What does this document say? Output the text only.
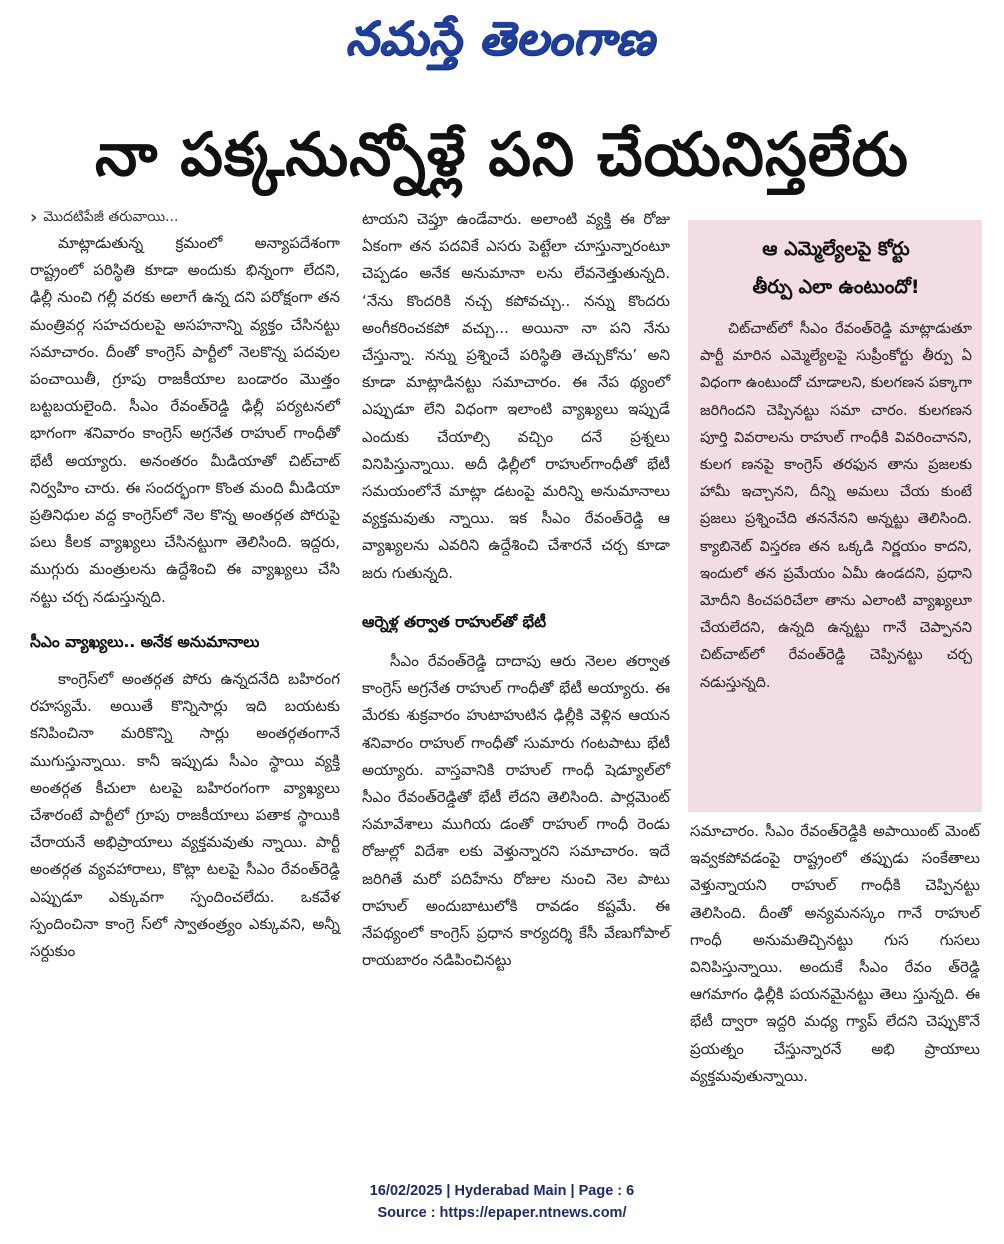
నమస్తే తెలంగాణ
నా పక్కనున్నోళ్లే పని చేయనిస్తలేరు
› మొదటిపేజీ తరువాయి...

మాట్లాడుతున్న క్రమంలో అన్యాపదేశంగా రాష్ట్రంలో పరిస్థితి కూడా అందుకు భిన్నంగా లేదని, ఢిల్లీ నుంచి గల్లీ వరకు అలాగే ఉన్న దని పరోక్షంగా తన మంత్రివర్గ సహచరులపై అసహనాన్ని వ్యక్తం చేసినట్టు సమాచారం. దీంతో కాంగ్రెస్ పార్టీలో నెలకొన్న పదవుల పంచాయితీ, గ్రూపు రాజకీయాల బండారం మొత్తం బట్టబయలైంది. సీఎం రేవంత్‌రెడ్డి ఢిల్లీ పర్యటనలో భాగంగా శనివారం కాంగ్రెస్ అగ్రనేత రాహుల్ గాంధీతో భేటీ అయ్యారు. అనంతరం మీడియాతో చిట్‌చాట్ నిర్వహిం చారు. ఈ సందర్భంగా కొంత మంది మీడియా ప్రతినిధుల వద్ద కాంగ్రెస్‌లో నెల కొన్న అంతర్గత పోరుపై పలు కీలక వ్యాఖ్యలు చేసినట్టుగా తెలిసింది. ఇద్దరు, ముగ్గురు మంత్రులను ఉద్దేశించి ఈ వ్యాఖ్యలు చేసి నట్టు చర్చ నడుస్తున్నది.

సీఎం వ్యాఖ్యలు.. అనేక అనుమానాలు

కాంగ్రెస్‌లో అంతర్గత పోరు ఉన్నదనేది బహిరంగ రహస్యమే. అయితే కొన్నిసార్లు ఇది బయటకు కనిపించినా మరికొన్ని సార్లు అంతర్గతంగానే ముగుస్తున్నాయి. కానీ ఇప్పుడు సీఎం స్థాయి వ్యక్తి అంతర్గత కీచులా టలపై బహిరంగంగా వ్యాఖ్యలు చేశారంటే పార్టీలో గ్రూపు రాజకీయాలు పతాక స్థాయికి చేరాయనే అభిప్రాయాలు వ్యక్తమవుతు న్నాయి. పార్టీ అంతర్గత వ్యవహారాలు, కొట్లా టలపై సీఎం రేవంత్‌రెడ్డి ఎప్పుడూ ఎక్కువగా స్పందించలేదు. ఒకవేళ స్పందించినా కాంగ్రె స్‌లో స్వాతంత్ర్యం ఎక్కువని, అన్నీ సర్దుకుం

టాయని చెప్తూ ఉండేవారు. అలాంటి వ్యక్తి ఈ రోజు ఏకంగా తన పదవికే ఎసరు పెట్టేలా చూస్తున్నారంటూ చెప్పడం అనేక అనుమానా లను లేవనెత్తుతున్నది. ‘నేను కొందరికి నచ్చ కపోవచ్చు.. నన్ను కొందరు అంగీకరించకపో వచ్చు... అయినా నా పని నేను చేస్తున్నా. నన్ను ప్రశ్నించే పరిస్థితి తెచ్చుకోను’ అని కూడా మాట్లాడినట్టు సమాచారం. ఈ నేప థ్యంలో ఎప్పుడూ లేని విధంగా ఇలాంటి వ్యాఖ్యలు ఇప్పుడే ఎందుకు చేయాల్సి వచ్చిం దనే ప్రశ్నలు వినిపిస్తున్నాయి. అదీ ఢిల్లీలో రాహుల్‌గాంధీతో భేటీ సమయంలోనే మాట్లా డటంపై మరిన్ని అనుమానాలు వ్యక్తమవుతు న్నాయి. ఇక సీఎం రేవంత్‌రెడ్డి ఆ వ్యాఖ్యలను ఎవరిని ఉద్దేశించి చేశారనే చర్చ కూడా జరు గుతున్నది.

ఆర్నెళ్ల తర్వాత రాహుల్‌తో భేటీ

సీఎం రేవంత్‌రెడ్డి దాదాపు ఆరు నెలల తర్వాత కాంగ్రెస్ అగ్రనేత రాహుల్ గాంధీతో భేటీ అయ్యారు. ఈ మేరకు శుక్రవారం హుటాహుటిన ఢిల్లీకి వెళ్లిన ఆయన శనివారం రాహుల్ గాంధీతో సుమారు గంటపాటు భేటీ అయ్యారు. వాస్తవానికి రాహుల్ గాంధీ షెడ్యూల్‌లో సీఎం రేవంత్‌రెడ్డితో భేటీ లేదని తెలిసింది. పార్లమెంట్ సమావేశాలు ముగియ డంతో రాహుల్ గాంధీ రెండు రోజుల్లో విదేశా లకు వెళ్తున్నారని సమాచారం. ఇదే జరిగితే మరో పదిహేను రోజుల నుంచి నెల పాటు రాహుల్ అందుబాటులోకి రావడం కష్టమే. ఈ నేపథ్యంలో కాంగ్రెస్ ప్రధాన కార్యదర్శి కేసీ వేణుగోపాల్ రాయబారం నడిపించినట్టు

ఆ ఎమ్మెల్యేలపై కోర్టు
తీర్పు ఎలా ఉంటుందో!

చిట్‌చాట్‌లో సీఎం రేవంత్‌రెడ్డి మాట్లాడుతూ పార్టీ మారిన ఎమ్మెల్యేలపై సుప్రీంకోర్టు తీర్పు ఏ విధంగా ఉంటుందో చూడాలని, కులగణన పక్కాగా జరిగిందని చెప్పినట్టు సమా చారం. కులగణన పూర్తి వివరాలను రాహుల్ గాంధీకి వివరించానని, కులగ ణనపై కాంగ్రెస్ తరఫున తాను ప్రజలకు హామీ ఇచ్చానని, దీన్ని అమలు చేయ కుంటే ప్రజలు ప్రశ్నించేది తననేనని అన్నట్టు తెలిసింది. క్యాబినెట్ విస్తరణ తన ఒక్కడి నిర్ణయం కాదని, ఇందులో తన ప్రమేయం ఏమీ ఉండదని, ప్రధాని మోదీని కించపరిచేలా తాను ఎలాంటి వ్యాఖ్యలూ చేయలేదని, ఉన్నది ఉన్నట్టు గానే చెప్పానని చిట్‌చాట్‌లో రేవంత్‌రెడ్డి చెప్పినట్టు చర్చ నడుస్తున్నది.

సమాచారం. సీఎం రేవంత్‌రెడ్డికి అపాయింట్ మెంట్ ఇవ్వకపోవడంపై రాష్ట్రంలో తప్పుడు సంకేతాలు వెళ్తున్నాయని రాహుల్ గాంధీకి చెప్పినట్టు తెలిసింది. దీంతో అన్యమనస్కం గానే రాహుల్ గాంధీ అనుమతిచ్చినట్టు గుస గుసలు వినిపిస్తున్నాయి. అందుకే సీఎం రేవం త్‌రెడ్డి ఆగమాగం ఢిల్లీకి పయనమైనట్టు తెలు స్తున్నది. ఈ భేటీ ద్వారా ఇద్దరి మధ్య గ్యాప్ లేదని చెప్పుకొనే ప్రయత్నం చేస్తున్నారనే అభి ప్రాయాలు వ్యక్తమవుతున్నాయి.

16/02/2025 | Hyderabad Main | Page : 6
Source : https://epaper.ntnews.com/
